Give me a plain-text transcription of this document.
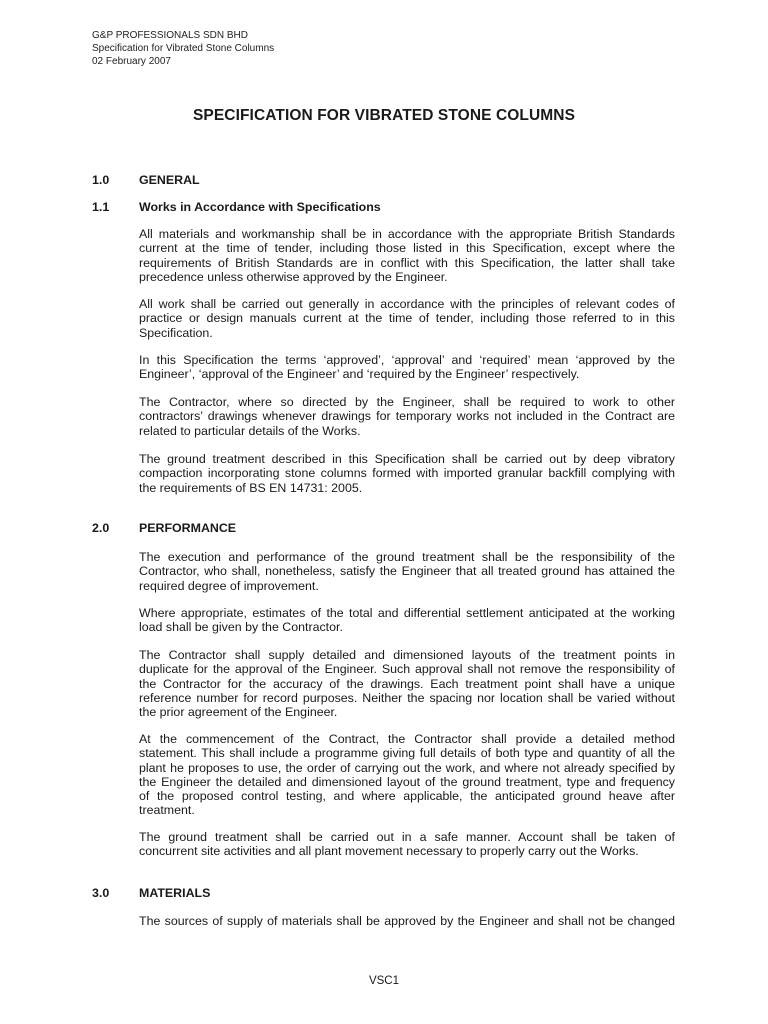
G&P PROFESSIONALS SDN BHD
Specification for Vibrated Stone Columns
02 February 2007
SPECIFICATION FOR VIBRATED STONE COLUMNS
1.0 GENERAL
1.1 Works in Accordance with Specifications
All materials and workmanship shall be in accordance with the appropriate British Standards
current at the time of tender, including those listed in this Specification, except where the
requirements of British Standards are in conflict with this Specification, the latter shall take
precedence unless otherwise approved by the Engineer.
All work shall be carried out generally in accordance with the principles of relevant codes of
practice or design manuals current at the time of tender, including those referred to in this
Specification.
In this Specification the terms ‘approved’, ‘approval’ and ‘required’ mean ‘approved by the
Engineer’, ‘approval of the Engineer’ and ‘required by the Engineer’ respectively.
The Contractor, where so directed by the Engineer, shall be required to work to other
contractors’ drawings whenever drawings for temporary works not included in the Contract are
related to particular details of the Works.
The ground treatment described in this Specification shall be carried out by deep vibratory
compaction incorporating stone columns formed with imported granular backfill complying with
the requirements of BS EN 14731: 2005.
2.0 PERFORMANCE
The execution and performance of the ground treatment shall be the responsibility of the
Contractor, who shall, nonetheless, satisfy the Engineer that all treated ground has attained the
required degree of improvement.
Where appropriate, estimates of the total and differential settlement anticipated at the working
load shall be given by the Contractor.
The Contractor shall supply detailed and dimensioned layouts of the treatment points in
duplicate for the approval of the Engineer. Such approval shall not remove the responsibility of
the Contractor for the accuracy of the drawings. Each treatment point shall have a unique
reference number for record purposes. Neither the spacing nor location shall be varied without
the prior agreement of the Engineer.
At the commencement of the Contract, the Contractor shall provide a detailed method
statement. This shall include a programme giving full details of both type and quantity of all the
plant he proposes to use, the order of carrying out the work, and where not already specified by
the Engineer the detailed and dimensioned layout of the ground treatment, type and frequency
of the proposed control testing, and where applicable, the anticipated ground heave after
treatment.
The ground treatment shall be carried out in a safe manner. Account shall be taken of
concurrent site activities and all plant movement necessary to properly carry out the Works.
3.0 MATERIALS
The sources of supply of materials shall be approved by the Engineer and shall not be changed
VSC1
